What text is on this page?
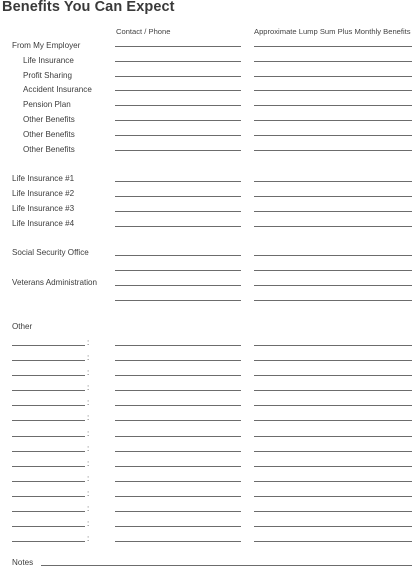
Benefits You Can Expect
Contact / Phone	Approximate Lump Sum Plus Monthly Benefits
From My Employer
Life Insurance
Profit Sharing
Accident Insurance
Pension Plan
Other Benefits
Other Benefits
Other Benefits
Life Insurance #1
Life Insurance #2
Life Insurance #3
Life Insurance #4
Social Security Office
Veterans Administration
Other
:
:
:
:
:
:
:
:
:
:
:
:
:
:
Notes
